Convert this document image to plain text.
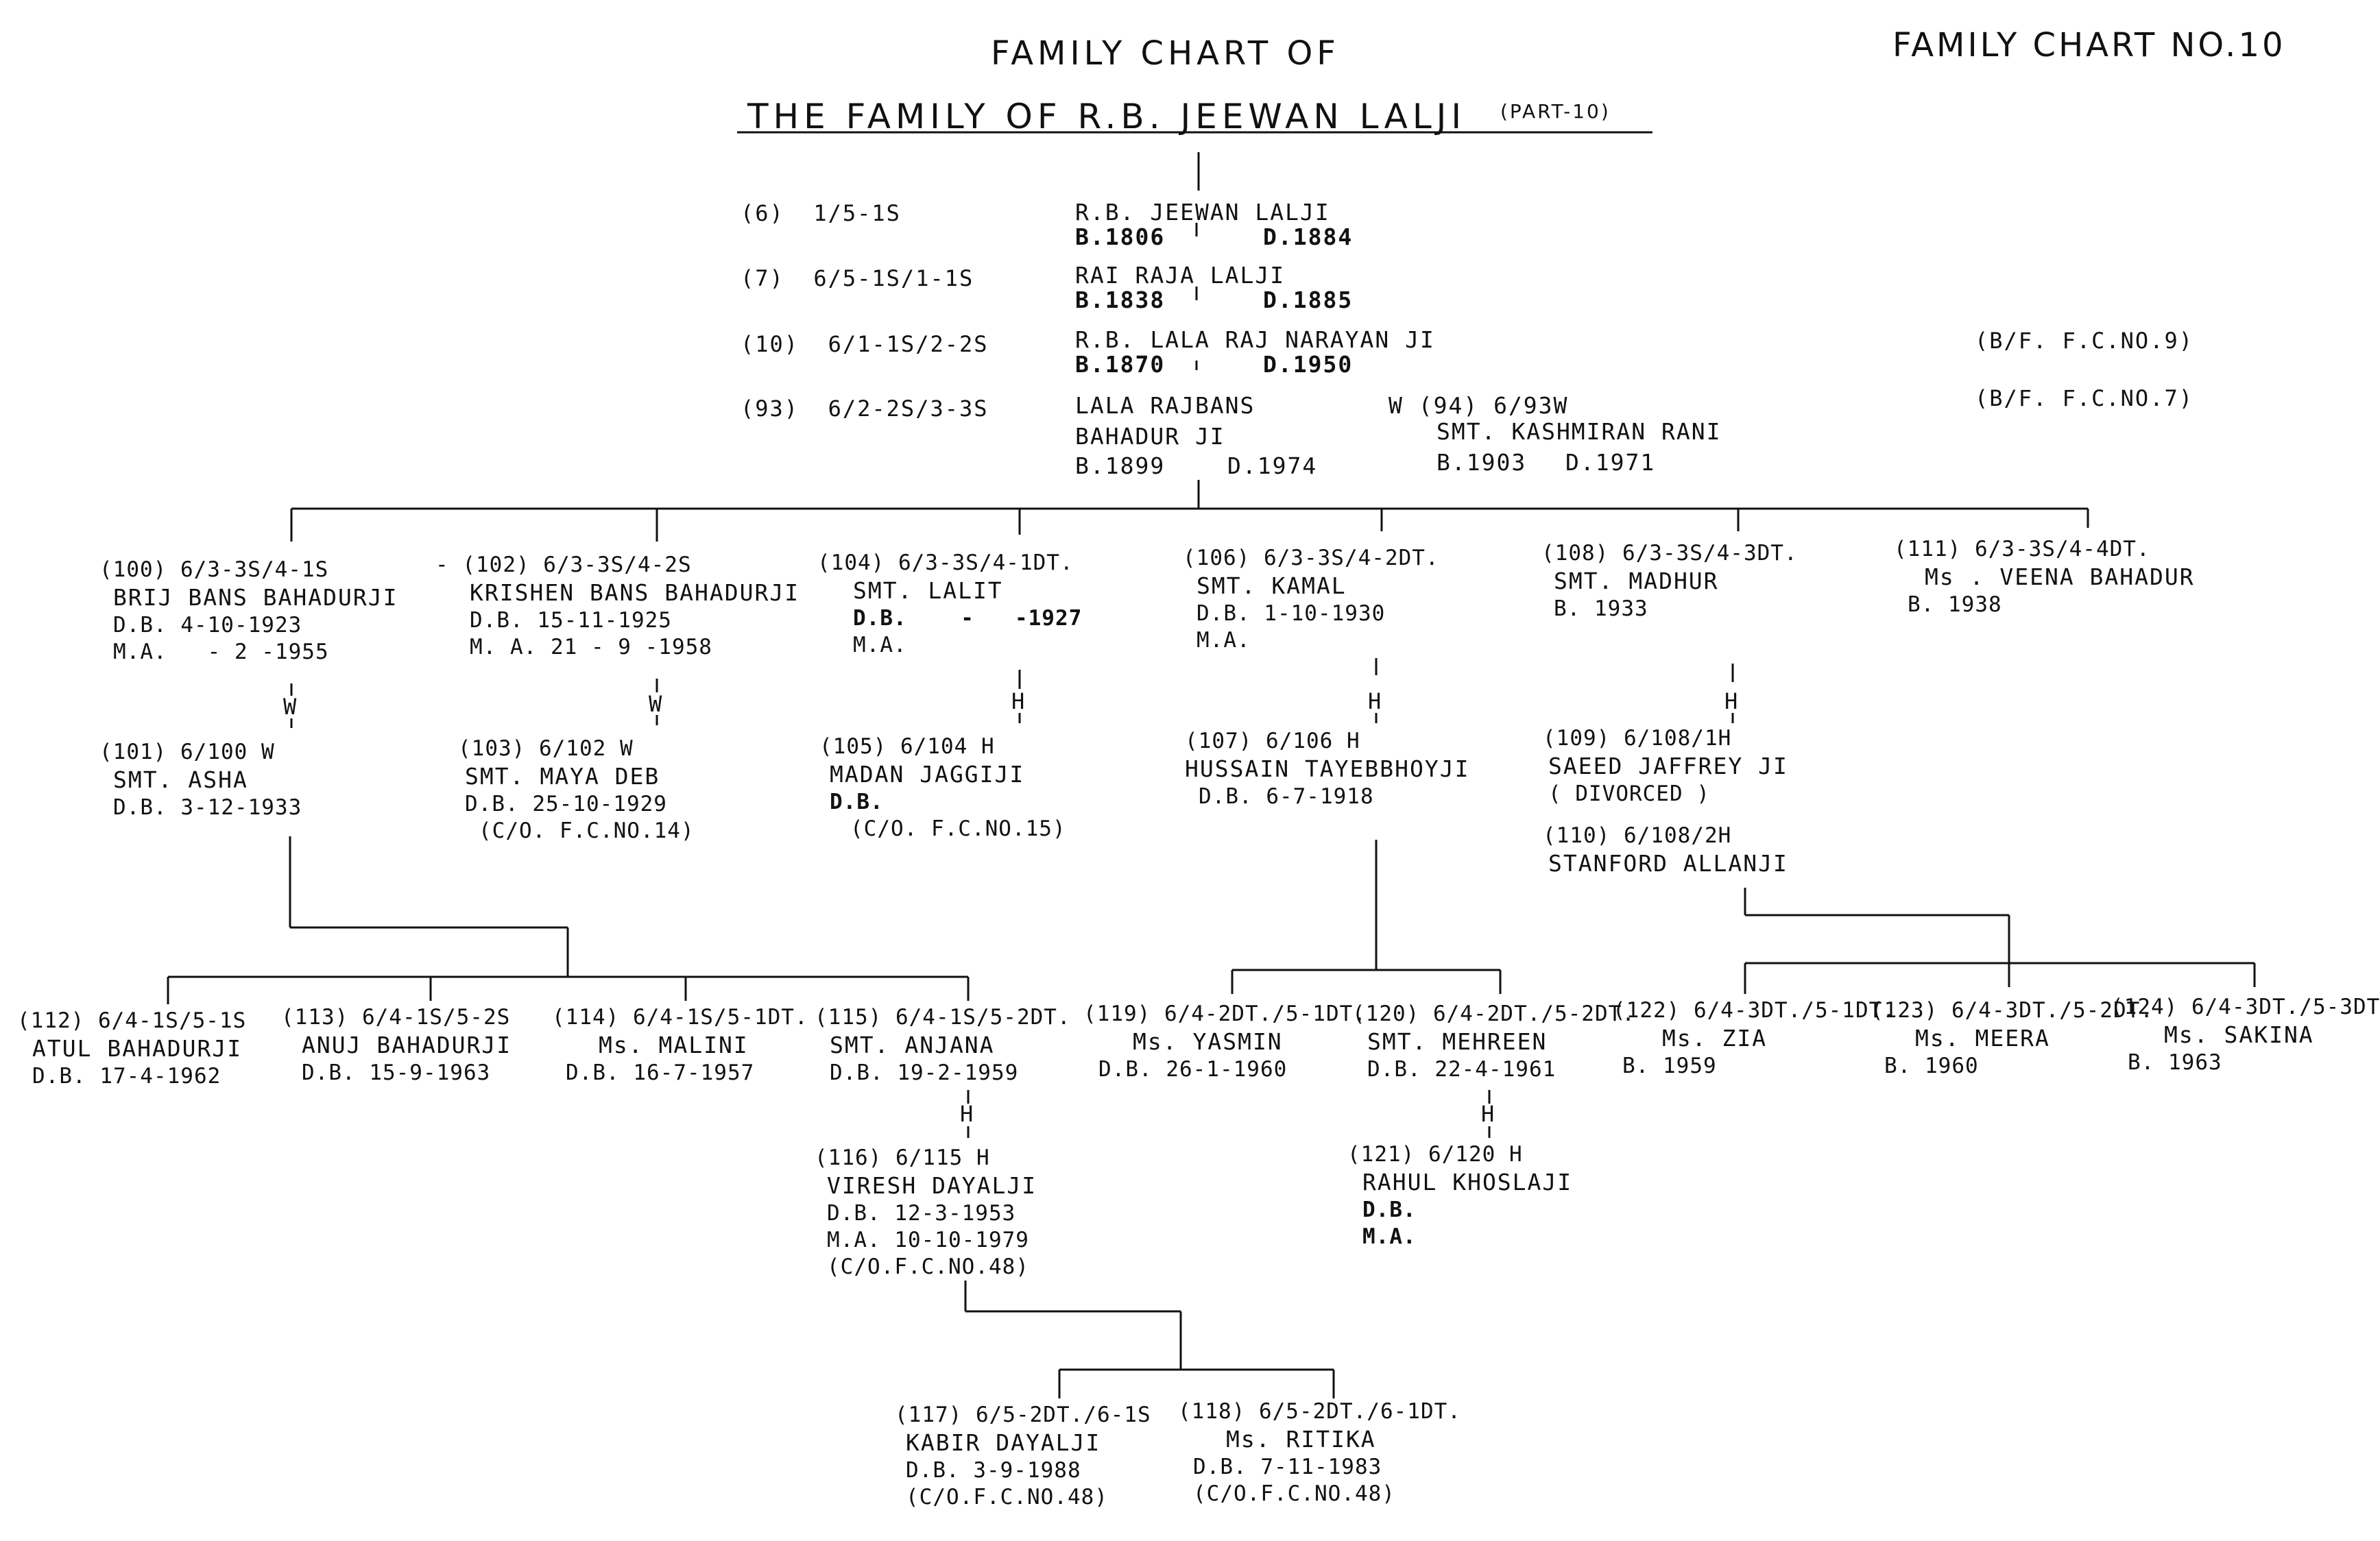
FAMILY CHART OF
THE FAMILY OF R.B. JEEWAN LALJI (PART-10)
FAMILY CHART NO.10
(6)  1/5-1S
(7)  6/5-1S/1-1S
(10)  6/1-1S/2-2S
(93)  6/2-2S/3-3S
R.B. JEEWAN LALJI
B.1806	D.1884
RAI RAJA LALJI
B.1838	D.1885
R.B. LALA RAJ NARAYAN JI
B.1870	D.1950
(B/F. F.C.NO.9)
LALA RAJBANS
BAHADUR JI
B.1899	D.1974
W (94) 6/93W
SMT. KASHMIRAN RANI
B.1903 D.1971
(B/F. F.C.NO.7)
(100) 6/3-3S/4-1S
BRIJ BANS BAHADURJI
D.B. 4-10-1923
M.A.   - 2 -1955
- (102) 6/3-3S/4-2S
KRISHEN BANS BAHADURJI
D.B. 15-11-1925
M. A. 21 - 9 -1958
(104) 6/3-3S/4-1DT.
SMT. LALIT
D.B.    -   -1927
M.A.
(106) 6/3-3S/4-2DT.
SMT. KAMAL
D.B. 1-10-1930
M.A.
(108) 6/3-3S/4-3DT.
SMT. MADHUR
B. 1933
(111) 6/3-3S/4-4DT.
Ms . VEENA BAHADUR
B. 1938
W	W	H	H	H
(101) 6/100 W
SMT. ASHA
D.B. 3-12-1933
(103) 6/102 W
SMT. MAYA DEB
D.B. 25-10-1929
(C/O. F.C.NO.14)
(105) 6/104 H
MADAN JAGGIJI
D.B.
(C/O. F.C.NO.15)
(107) 6/106 H
HUSSAIN TAYEBBHOYJI
D.B. 6-7-1918
(109) 6/108/1H
SAEED JAFFREY JI
( DIVORCED )
(110) 6/108/2H
STANFORD ALLANJI
(112) 6/4-1S/5-1S
ATUL BAHADURJI
D.B. 17-4-1962
(113) 6/4-1S/5-2S
ANUJ BAHADURJI
D.B. 15-9-1963
(114) 6/4-1S/5-1DT.
Ms. MALINI
D.B. 16-7-1957
(115) 6/4-1S/5-2DT.
SMT. ANJANA
D.B. 19-2-1959
(119) 6/4-2DT./5-1DT.
Ms. YASMIN
D.B. 26-1-1960
(120) 6/4-2DT./5-2DT.
SMT. MEHREEN
D.B. 22-4-1961
(122) 6/4-3DT./5-1DT.
Ms. ZIA
B. 1959
(123) 6/4-3DT./5-2DT.
Ms. MEERA
B. 1960
(124) 6/4-3DT./5-3DT
Ms. SAKINA
B. 1963
H	H
(116) 6/115 H
VIRESH DAYALJI
D.B. 12-3-1953
M.A. 10-10-1979
(C/O.F.C.NO.48)
(121) 6/120 H
RAHUL KHOSLAJI
D.B.
M.A.
(117) 6/5-2DT./6-1S
KABIR DAYALJI
D.B. 3-9-1988
(C/O.F.C.NO.48)
(118) 6/5-2DT./6-1DT.
Ms. RITIKA
D.B. 7-11-1983
(C/O.F.C.NO.48)
